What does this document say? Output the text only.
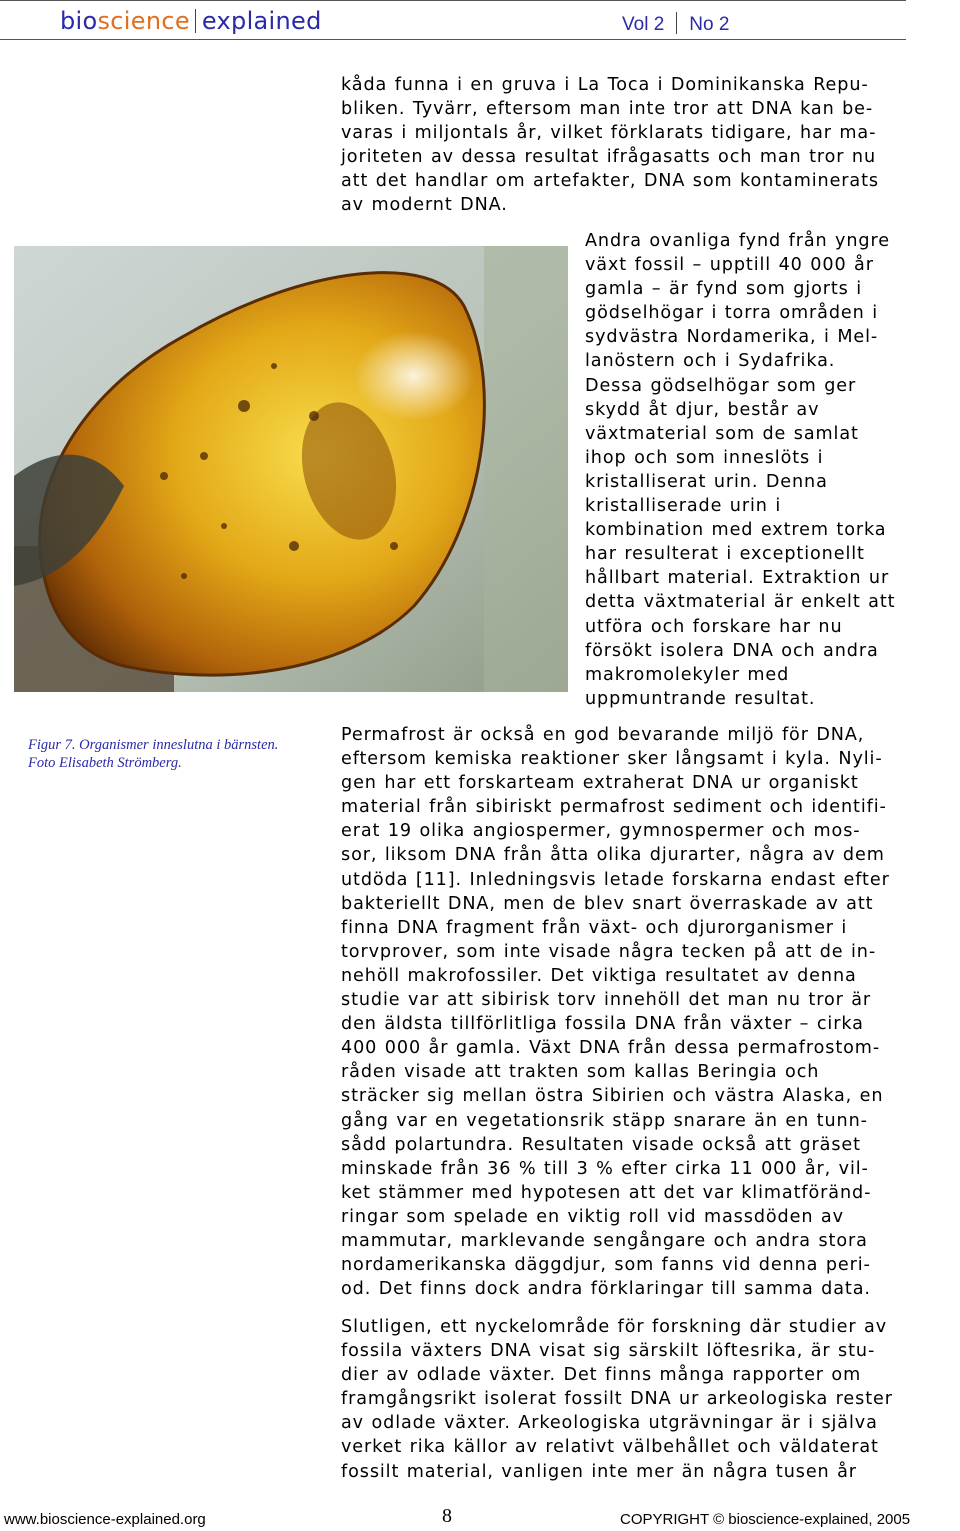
bioscience explained	Vol 2 No 2
kåda funna i en gruva i La Toca i Dominikanska Repu-
bliken. Tyvärr, eftersom man inte tror att DNA kan be-
varas i miljontals år, vilket förklarats tidigare, har ma-
joriteten av dessa resultat ifrågasatts och man tror nu
att det handlar om artefakter, DNA som kontaminerats
av modernt DNA.
Andra ovanliga fynd från yngre
växt fossil – upptill 40 000 år
gamla – är fynd som gjorts i
gödselhögar i torra områden i
sydvästra Nordamerika, i Mel-
lanöstern och i Sydafrika.
Dessa gödselhögar som ger
skydd åt djur, består av
växtmaterial som de samlat
ihop och som inneslöts i
kristalliserat urin. Denna
kristalliserade urin i
kombination med extrem torka
har resulterat i exceptionellt
hållbart material. Extraktion ur
detta växtmaterial är enkelt att
utföra och forskare har nu
försökt isolera DNA och andra
makromolekyler med
uppmuntrande resultat.
Figur 7. Organismer inneslutna i bärnsten.
Foto Elisabeth Strömberg.
Permafrost är också en god bevarande miljö för DNA,
eftersom kemiska reaktioner sker långsamt i kyla. Nyli-
gen har ett forskarteam extraherat DNA ur organiskt
material från sibiriskt permafrost sediment och identifi-
erat 19 olika angiospermer, gymnospermer och mos-
sor, liksom DNA från åtta olika djurarter, några av dem
utdöda [11]. Inledningsvis letade forskarna endast efter
bakteriellt DNA, men de blev snart överraskade av att
finna DNA fragment från växt- och djurorganismer i
torvprover, som inte visade några tecken på att de in-
nehöll makrofossiler. Det viktiga resultatet av denna
studie var att sibirisk torv innehöll det man nu tror är
den äldsta tillförlitliga fossila DNA från växter – cirka
400 000 år gamla. Växt DNA från dessa permafrostom-
råden visade att trakten som kallas Beringia och
sträcker sig mellan östra Sibirien och västra Alaska, en
gång var en vegetationsrik stäpp snarare än en tunn-
sådd polartundra. Resultaten visade också att gräset
minskade från 36 % till 3 % efter cirka 11 000 år, vil-
ket stämmer med hypotesen att det var klimatföränd-
ringar som spelade en viktig roll vid massdöden av
mammutar, marklevande sengångare och andra stora
nordamerikanska däggdjur, som fanns vid denna peri-
od. Det finns dock andra förklaringar till samma data.
Slutligen, ett nyckelområde för forskning där studier av
fossila växters DNA visat sig särskilt löftesrika, är stu-
dier av odlade växter. Det finns många rapporter om
framgångsrikt isolerat fossilt DNA ur arkeologiska rester
av odlade växter. Arkeologiska utgrävningar är i själva
verket rika källor av relativt välbehållet och väldaterat
fossilt material, vanligen inte mer än några tusen år
www.bioscience-explained.org	8	COPYRIGHT © bioscience-explained, 2005
